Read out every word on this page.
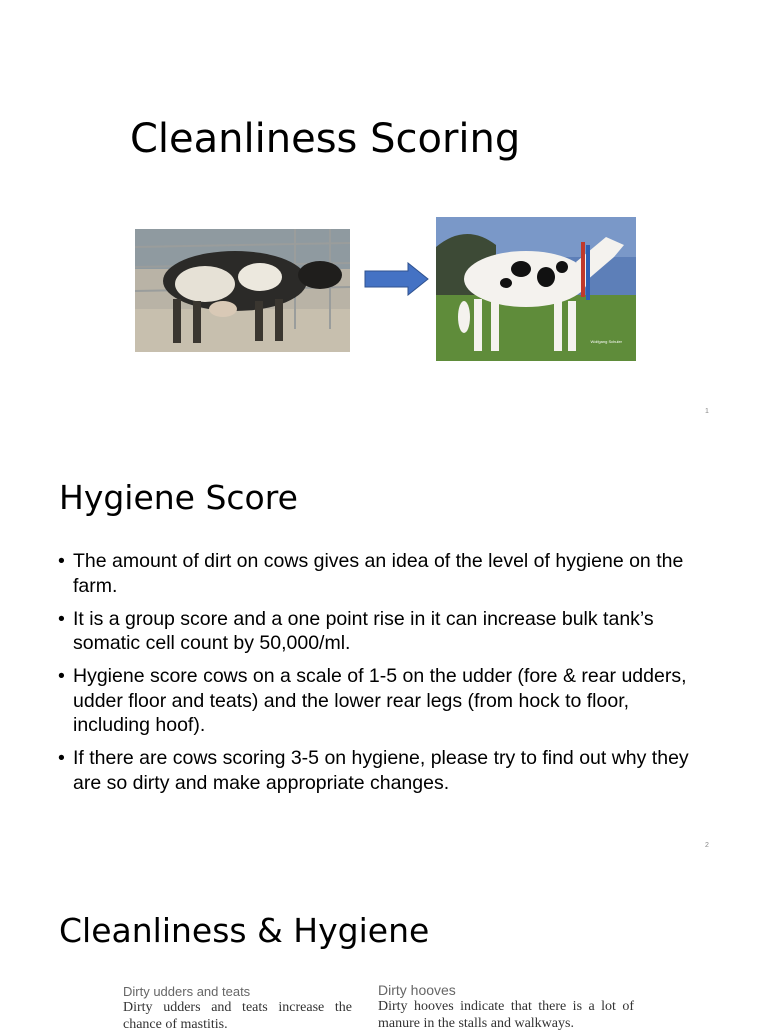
Cleanliness Scoring
Wolfgang Schuler
1
Hygiene Score
• The amount of dirt on cows gives an idea of the level of hygiene on the farm.
• It is a group score and a one point rise in it can increase bulk tank’s somatic cell count by 50,000/ml.
• Hygiene score cows on a scale of 1-5 on the udder (fore & rear udders, udder floor and teats) and the lower rear legs (from hock to floor, including hoof).
• If there are cows scoring 3-5 on hygiene, please try to find out why they are so dirty and make appropriate changes.
2
Cleanliness & Hygiene
Dirty udders and teats
Dirty udders and teats increase the chance of mastitis.
Dirty hooves
Dirty hooves indicate that there is a lot of manure in the stalls and walkways.
